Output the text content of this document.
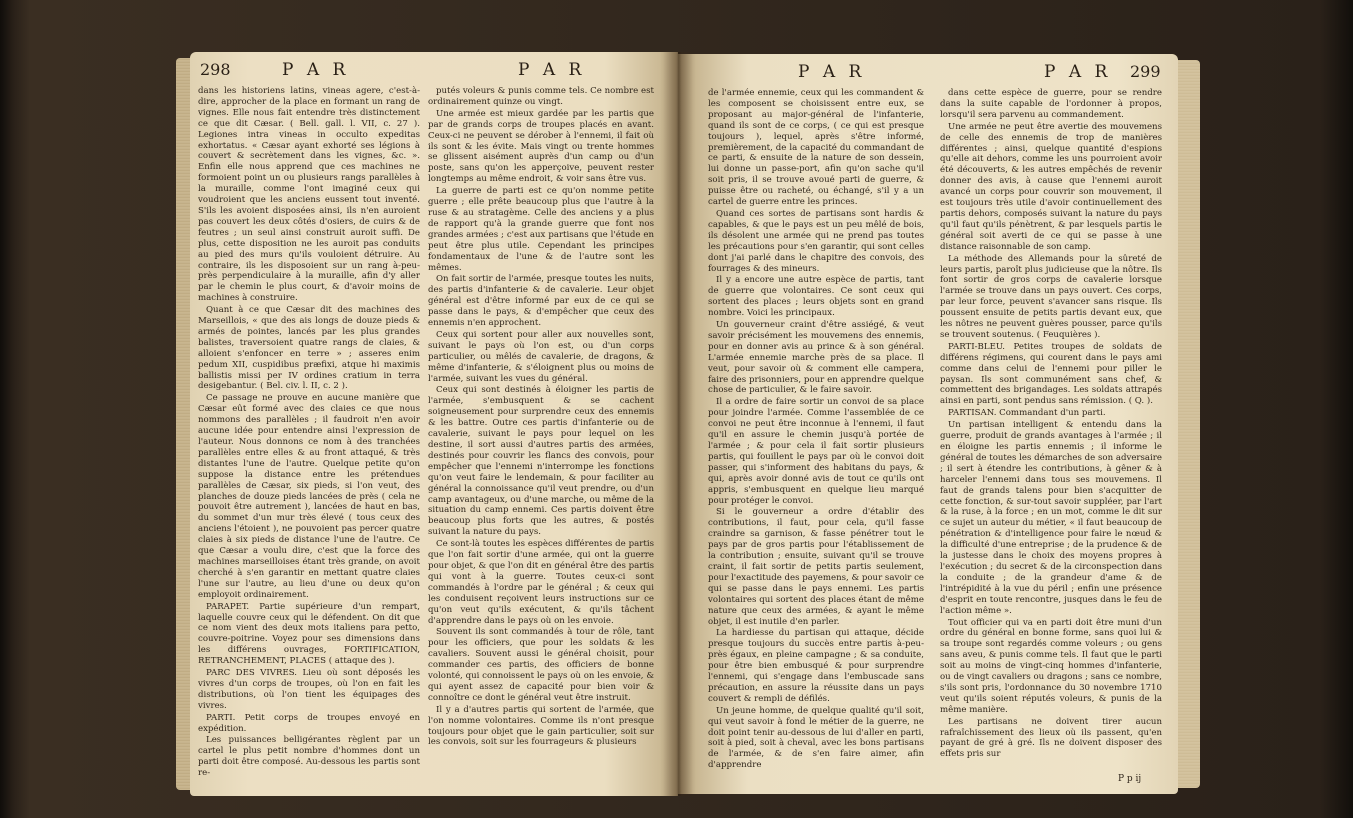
298	P A R	P A R

dans les historiens latins, vineas agere, c'est-à-dire, approcher de la place en formant un rang de vignes. Elle nous fait entendre très distinctement ce que dit Cæsar. ( Bell. gall. l. VII, c. 27 ). Legiones intra vineas in occulto expeditas exhortatus. « Cæsar ayant exhorté ses légions à couvert & secrètement dans les vignes, &c. ». Enfin elle nous apprend que ces machines ne formoient point un ou plusieurs rangs parallèles à la muraille, comme l'ont imaginé ceux qui voudroient que les anciens eussent tout inventé. S'ils les avoient disposées ainsi, ils n'en auroient pas couvert les deux côtés d'osiers, de cuirs & de feutres ; un seul ainsi construit auroit suffi. De plus, cette disposition ne les auroit pas conduits au pied des murs qu'ils vouloient détruire. Au contraire, ils les disposoient sur un rang à-peu-près perpendiculaire à la muraille, afin d'y aller par le chemin le plus court, & d'avoir moins de machines à construire.

Quant à ce que Cæsar dit des machines des Marseillois, « que des ais longs de douze pieds & armés de pointes, lancés par les plus grandes balistes, traversoient quatre rangs de claies, & alloient s'enfoncer en terre » ; asseres enim pedum XII, cuspidibus præfixi, atque hi maximis ballistis missi per IV ordines cratium in terra desigebantur. ( Bel. civ. l. II, c. 2 ).

Ce passage ne prouve en aucune manière que Cæsar eût formé avec des claies ce que nous nommons des parallèles ; il faudroit n'en avoir aucune idée pour entendre ainsi l'expression de l'auteur. Nous donnons ce nom à des tranchées parallèles entre elles & au front attaqué, & très distantes l'une de l'autre. Quelque petite qu'on suppose la distance entre les prétendues parallèles de Cæsar, six pieds, si l'on veut, des planches de douze pieds lancées de près ( cela ne pouvoit être autrement ), lancées de haut en bas, du sommet d'un mur très élevé ( tous ceux des anciens l'étoient ), ne pouvoient pas percer quatre claies à six pieds de distance l'une de l'autre. Ce que Cæsar a voulu dire, c'est que la force des machines marseilloises étant très grande, on avoit cherché à s'en garantir en mettant quatre claies l'une sur l'autre, au lieu d'une ou deux qu'on employoit ordinairement.

PARAPET. Partie supérieure d'un rempart, laquelle couvre ceux qui le défendent. On dit que ce nom vient des deux mots italiens para petto, couvre-poitrine. Voyez pour ses dimensions dans les différens ouvrages, FORTIFICATION, RETRANCHEMENT, PLACES ( attaque des ).

PARC DES VIVRES. Lieu où sont déposés les vivres d'un corps de troupes, où l'on en fait les distributions, où l'on tient les équipages des vivres.

PARTI. Petit corps de troupes envoyé en expédition.

Les puissances belligérantes règlent par un cartel le plus petit nombre d'hommes dont un parti doit être composé. Au-dessous les partis sont re-

putés voleurs & punis comme tels. Ce nombre est ordinairement quinze ou vingt.

Une armée est mieux gardée par les partis que par de grands corps de troupes placés en avant. Ceux-ci ne peuvent se dérober à l'ennemi, il fait où ils sont & les évite. Mais vingt ou trente hommes se glissent aisément auprès d'un camp ou d'un poste, sans qu'on les apperçoive, peuvent rester longtemps au même endroit, & voir sans être vus.

La guerre de parti est ce qu'on nomme petite guerre ; elle prête beaucoup plus que l'autre à la ruse & au stratagème. Celle des anciens y a plus de rapport qu'à la grande guerre que font nos grandes armées ; c'est aux partisans que l'étude en peut être plus utile. Cependant les principes fondamentaux de l'une & de l'autre sont les mêmes.

On fait sortir de l'armée, presque toutes les nuits, des partis d'infanterie & de cavalerie. Leur objet général est d'être informé par eux de ce qui se passe dans le pays, & d'empêcher que ceux des ennemis n'en approchent.

Ceux qui sortent pour aller aux nouvelles sont, suivant le pays où l'on est, ou d'un corps particulier, ou mêlés de cavalerie, de dragons, & même d'infanterie, & s'éloignent plus ou moins de l'armée, suivant les vues du général.

Ceux qui sont destinés à éloigner les partis de l'armée, s'embusquent & se cachent soigneusement pour surprendre ceux des ennemis & les battre. Outre ces partis d'infanterie ou de cavalerie, suivant le pays pour lequel on les destine, il sort aussi d'autres partis des armées, destinés pour couvrir les flancs des convois, pour empêcher que l'ennemi n'interrompe les fonctions qu'on veut faire le lendemain, & pour faciliter au général la connoissance qu'il veut prendre, ou d'un camp avantageux, ou d'une marche, ou même de la situation du camp ennemi. Ces partis doivent être beaucoup plus forts que les autres, & postés suivant la nature du pays.

Ce sont-là toutes les espèces différentes de partis que l'on fait sortir d'une armée, qui ont la guerre pour objet, & que l'on dit en général être des partis qui vont à la guerre. Toutes ceux-ci sont commandés à l'ordre par le général ; & ceux qui les conduisent reçoivent leurs instructions sur ce qu'on veut qu'ils exécutent, & qu'ils tâchent d'apprendre dans le pays où on les envoie.

Souvent ils sont commandés à tour de rôle, tant pour les officiers, que pour les soldats & les cavaliers. Souvent aussi le général choisit, pour commander ces partis, des officiers de bonne volonté, qui connoissent le pays où on les envoie, & qui ayent assez de capacité pour bien voir & connoître ce dont le général veut être instruit.

Il y a d'autres partis qui sortent de l'armée, que l'on nomme volontaires. Comme ils n'ont presque toujours pour objet que le gain particulier, soit sur les convois, soit sur les fourrageurs & plusieurs

P A R	P A R 299

de l'armée ennemie, ceux qui les commandent & les composent se choisissent entre eux, se proposant au major-général de l'infanterie, quand ils sont de ce corps, ( ce qui est presque toujours ), lequel, après s'être informé, premièrement, de la capacité du commandant de ce parti, & ensuite de la nature de son dessein, lui donne un passe-port, afin qu'on sache qu'il soit pris, il se trouve avoué parti de guerre, & puisse être ou racheté, ou échangé, s'il y a un cartel de guerre entre les princes.

Quand ces sortes de partisans sont hardis & capables, & que le pays est un peu mêlé de bois, ils désolent une armée qui ne prend pas toutes les précautions pour s'en garantir, qui sont celles dont j'ai parlé dans le chapitre des convois, des fourrages & des mineurs.

Il y a encore une autre espèce de partis, tant de guerre que volontaires. Ce sont ceux qui sortent des places ; leurs objets sont en grand nombre. Voici les principaux.

Un gouverneur craint d'être assiégé, & veut savoir précisément les mouvemens des ennemis, pour en donner avis au prince & à son général. L'armée ennemie marche près de sa place. Il veut, pour savoir où & comment elle campera, faire des prisonniers, pour en apprendre quelque chose de particulier, & le faire savoir.

Il a ordre de faire sortir un convoi de sa place pour joindre l'armée. Comme l'assemblée de ce convoi ne peut être inconnue à l'ennemi, il faut qu'il en assure le chemin jusqu'à portée de l'armée ; & pour cela il fait sortir plusieurs partis, qui fouillent le pays par où le convoi doit passer, qui s'informent des habitans du pays, & qui, après avoir donné avis de tout ce qu'ils ont appris, s'embusquent en quelque lieu marqué pour protéger le convoi.

Si le gouverneur a ordre d'établir des contributions, il faut, pour cela, qu'il fasse craindre sa garnison, & fasse pénétrer tout le pays par de gros partis pour l'établissement de la contribution ; ensuite, suivant qu'il se trouve craint, il fait sortir de petits partis seulement, pour l'exactitude des payemens, & pour savoir ce qui se passe dans le pays ennemi. Les partis volontaires qui sortent des places étant de même nature que ceux des armées, & ayant le même objet, il est inutile d'en parler.

La hardiesse du partisan qui attaque, décide presque toujours du succès entre partis à-peu-près égaux, en pleine campagne ; & sa conduite, pour être bien embusqué & pour surprendre l'ennemi, qui s'engage dans l'embuscade sans précaution, en assure la réussite dans un pays couvert & rempli de défilés.

Un jeune homme, de quelque qualité qu'il soit, qui veut savoir à fond le métier de la guerre, ne doit point tenir au-dessous de lui d'aller en parti, soit à pied, soit à cheval, avec les bons partisans de l'armée, & de s'en faire aimer, afin d'apprendre

dans cette espèce de guerre, pour se rendre dans la suite capable de l'ordonner à propos, lorsqu'il sera parvenu au commandement.

Une armée ne peut être avertie des mouvemens de celle des ennemis de trop de manières différentes ; ainsi, quelque quantité d'espions qu'elle ait dehors, comme les uns pourroient avoir été découverts, & les autres empêchés de revenir donner des avis, à cause que l'ennemi auroit avancé un corps pour couvrir son mouvement, il est toujours très utile d'avoir continuellement des partis dehors, composés suivant la nature du pays qu'il faut qu'ils pénètrent, & par lesquels partis le général soit averti de ce qui se passe à une distance raisonnable de son camp.

La méthode des Allemands pour la sûreté de leurs partis, paroît plus judicieuse que la nôtre. Ils font sortir de gros corps de cavalerie lorsque l'armée se trouve dans un pays ouvert. Ces corps, par leur force, peuvent s'avancer sans risque. Ils poussent ensuite de petits partis devant eux, que les nôtres ne peuvent guères pousser, parce qu'ils se trouvent soutenus. ( Feuquières ).

PARTI-BLEU. Petites troupes de soldats de différens régimens, qui courent dans le pays ami comme dans celui de l'ennemi pour piller le paysan. Ils sont communément sans chef, & commettent des brigandages. Les soldats attrapés ainsi en parti, sont pendus sans rémission. ( Q. ).

PARTISAN. Commandant d'un parti.

Un partisan intelligent & entendu dans la guerre, produit de grands avantages à l'armée ; il en éloigne les partis ennemis ; il informe le général de toutes les démarches de son adversaire ; il sert à étendre les contributions, à gêner & à harceler l'ennemi dans tous ses mouvemens. Il faut de grands talens pour bien s'acquitter de cette fonction, & sur-tout savoir suppléer, par l'art & la ruse, à la force ; en un mot, comme le dit sur ce sujet un auteur du métier, « il faut beaucoup de pénétration & d'intelligence pour faire le nœud & la difficulté d'une entreprise ; de la prudence & de la justesse dans le choix des moyens propres à l'exécution ; du secret & de la circonspection dans la conduite ; de la grandeur d'ame & de l'intrépidité à la vue du péril ; enfin une présence d'esprit en toute rencontre, jusques dans le feu de l'action même ».

Tout officier qui va en parti doit être muni d'un ordre du général en bonne forme, sans quoi lui & sa troupe sont regardés comme voleurs ; ou gens sans aveu, & punis comme tels. Il faut que le parti soit au moins de vingt-cinq hommes d'infanterie, ou de vingt cavaliers ou dragons ; sans ce nombre, s'ils sont pris, l'ordonnance du 30 novembre 1710 veut qu'ils soient réputés voleurs, & punis de la même manière.

Les partisans ne doivent tirer aucun rafraîchissement des lieux où ils passent, qu'en payant de gré à gré. Ils ne doivent disposer des effets pris sur

P p ij
